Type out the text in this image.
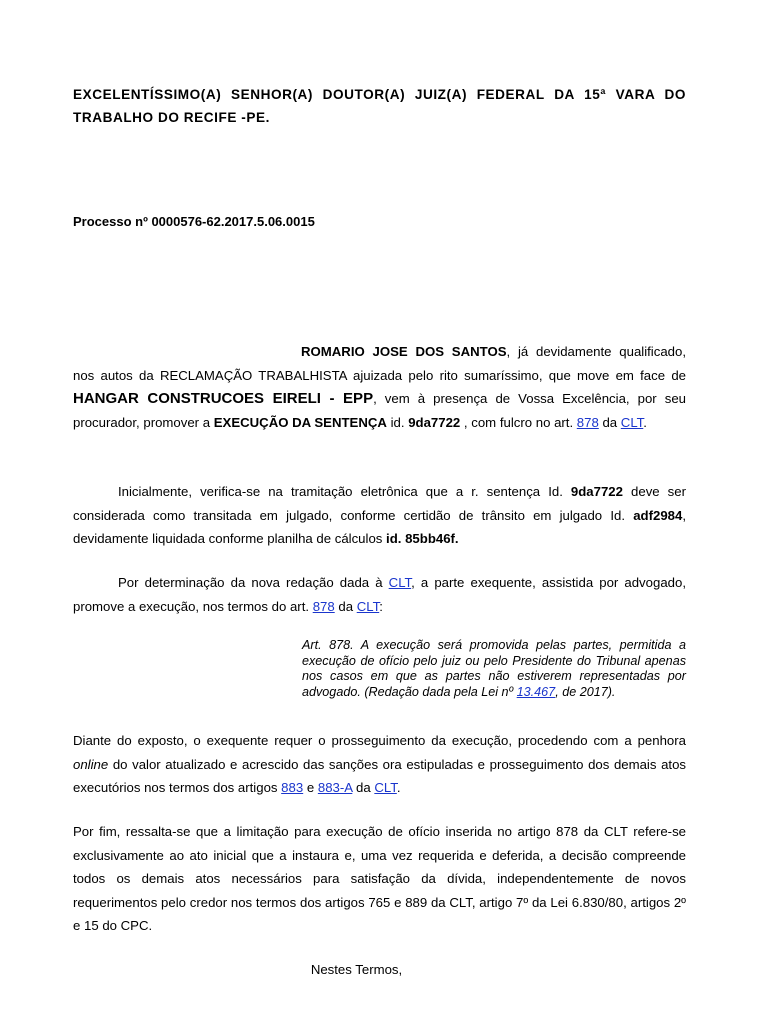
EXCELENTÍSSIMO(A) SENHOR(A) DOUTOR(A) JUIZ(A) FEDERAL DA 15ª VARA DO TRABALHO DO RECIFE -PE.
Processo nº 0000576-62.2017.5.06.0015
ROMARIO JOSE DOS SANTOS, já devidamente qualificado, nos autos da RECLAMAÇÃO TRABALHISTA ajuizada pelo rito sumaríssimo, que move em face de HANGAR CONSTRUCOES EIRELI - EPP, vem à presença de Vossa Excelência, por seu procurador, promover a EXECUÇÃO DA SENTENÇA id. 9da7722 , com fulcro no art. 878 da CLT.
Inicialmente, verifica-se na tramitação eletrônica que a r. sentença Id. 9da7722 deve ser considerada como transitada em julgado, conforme certidão de trânsito em julgado Id. adf2984, devidamente liquidada conforme planilha de cálculos id. 85bb46f.
Por determinação da nova redação dada à CLT, a parte exequente, assistida por advogado, promove a execução, nos termos do art. 878 da CLT:
Art. 878. A execução será promovida pelas partes, permitida a execução de ofício pelo juiz ou pelo Presidente do Tribunal apenas nos casos em que as partes não estiverem representadas por advogado. (Redação dada pela Lei nº 13.467, de 2017).
Diante do exposto, o exequente requer o prosseguimento da execução, procedendo com a penhora online do valor atualizado e acrescido das sanções ora estipuladas e prosseguimento dos demais atos executórios nos termos dos artigos 883 e 883-A da CLT.
Por fim, ressalta-se que a limitação para execução de ofício inserida no artigo 878 da CLT refere-se exclusivamente ao ato inicial que a instaura e, uma vez requerida e deferida, a decisão compreende todos os demais atos necessários para satisfação da dívida, independentemente de novos requerimentos pelo credor nos termos dos artigos 765 e 889 da CLT, artigo 7º da Lei 6.830/80, artigos 2º e 15 do CPC.
Nestes Termos,
